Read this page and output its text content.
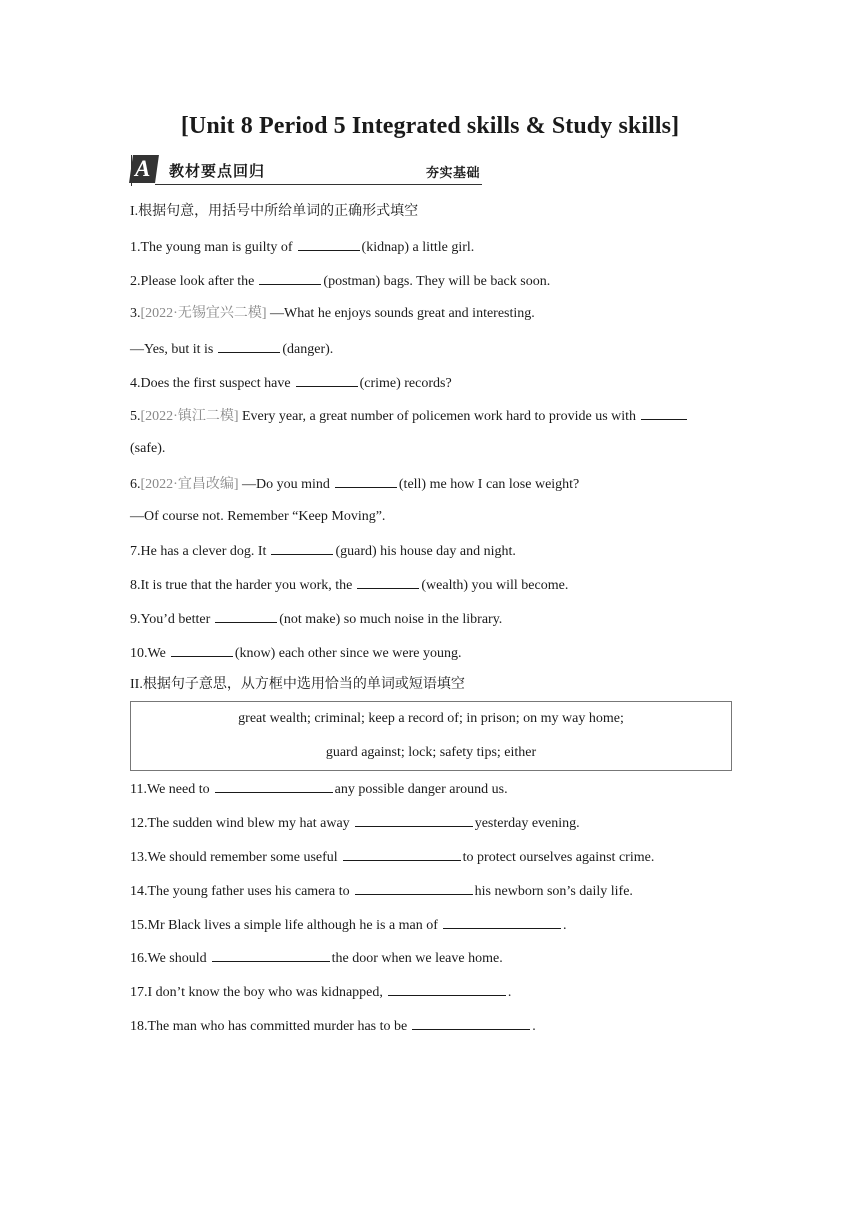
[Unit 8 Period 5 Integrated skills & Study skills]
A 教材要点回归	夯实基础
I.根据句意，用括号中所给单词的正确形式填空
1.The young man is guilty of	(kidnap) a little girl.
2.Please look after the	(postman) bags. They will be back soon.
3.[2022·无锡宜兴二模] —What he enjoys sounds great and interesting.
—Yes, but it is	(danger).
4.Does the first suspect have	(crime) records?
5.[2022·镇江二模] Every year, a great number of policemen work hard to provide us with
(safe).
6.[2022·宜昌改编] —Do you mind	(tell) me how I can lose weight?
—Of course not. Remember “Keep Moving”.
7.He has a clever dog. It	(guard) his house day and night.
8.It is true that the harder you work, the	(wealth) you will become.
9.You’d better	(not make) so much noise in the library.
10.We	(know) each other since we were young.
II.根据句子意思，从方框中选用恰当的单词或短语填空
great wealth; criminal; keep a record of; in prison; on my way home;
guard against; lock; safety tips; either
11.We need to	any possible danger around us.
12.The sudden wind blew my hat away	yesterday evening.
13.We should remember some useful	to protect ourselves against crime.
14.The young father uses his camera to	his newborn son’s daily life.
15.Mr Black lives a simple life although he is a man of	.
16.We should	the door when we leave home.
17.I don’t know the boy who was kidnapped,	.
18.The man who has committed murder has to be	.
